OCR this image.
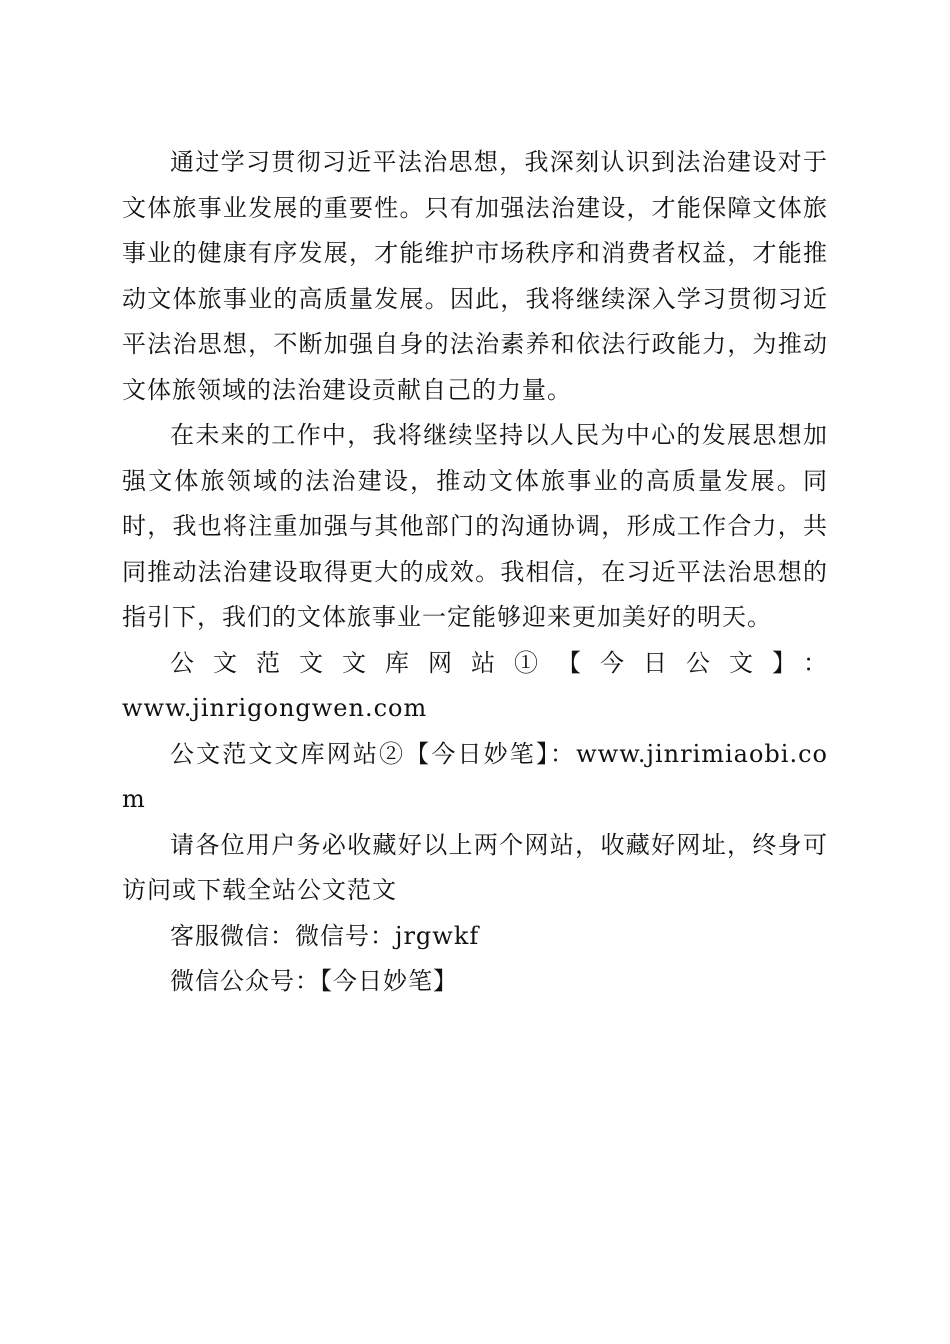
通过学习贯彻习近平法治思想，我深刻认识到法治建设对于文体旅事业发展的重要性。只有加强法治建设，才能保障文体旅事业的健康有序发展，才能维护市场秩序和消费者权益，才能推动文体旅事业的高质量发展。因此，我将继续深入学习贯彻习近平法治思想，不断加强自身的法治素养和依法行政能力，为推动文体旅领域的法治建设贡献自己的力量。

在未来的工作中，我将继续坚持以人民为中心的发展思想加强文体旅领域的法治建设，推动文体旅事业的高质量发展。同时，我也将注重加强与其他部门的沟通协调，形成工作合力，共同推动法治建设取得更大的成效。我相信，在习近平法治思想的指引下，我们的文体旅事业一定能够迎来更加美好的明天。

公文范文文库网站①【今日公文】：

www.jinrigongwen.com

公文范文文库网站②【今日妙笔】：www.jinrimiaobi.com

请各位用户务必收藏好以上两个网站，收藏好网址，终身可访问或下载全站公文范文

客服微信：微信号：jrgwkf

微信公众号：【今日妙笔】
